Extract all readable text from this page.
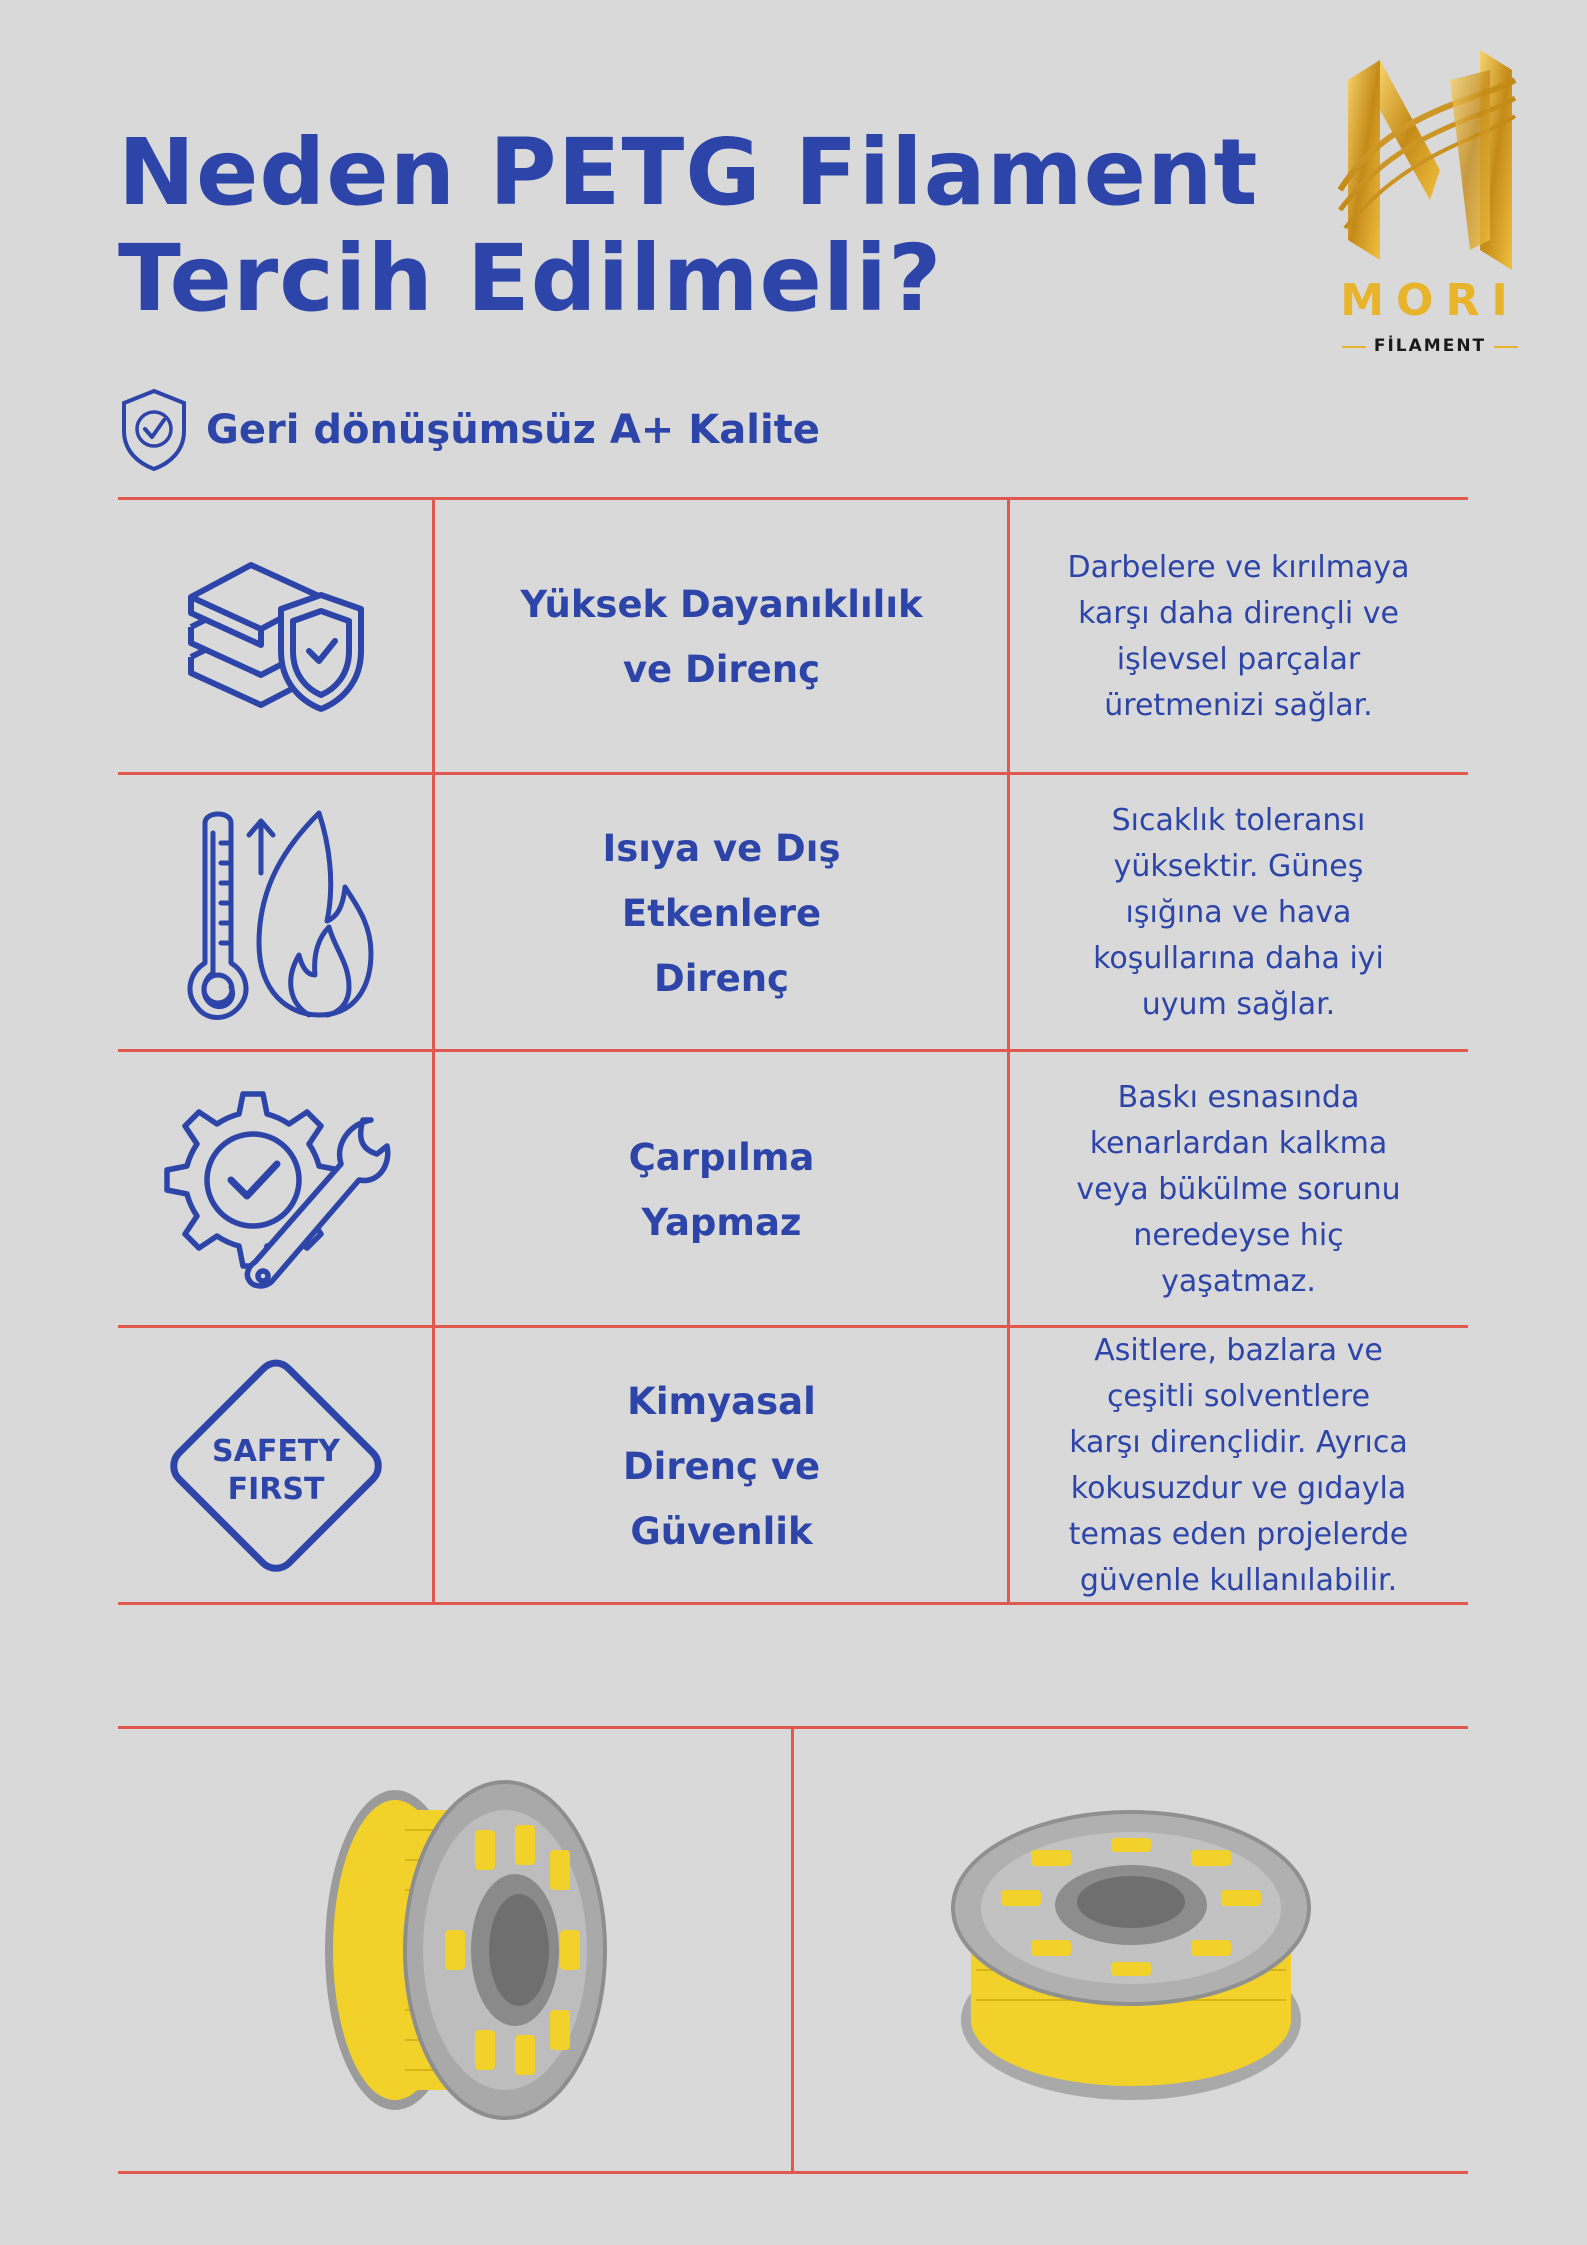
Neden PETG Filament
Tercih Edilmeli?	MORI
FİLAMENT
Geri dönüşümsüz A+ Kalite
Yüksek Dayanıklılık
ve Direnç
Darbelere ve kırılmaya
karşı daha dirençli ve
işlevsel parçalar
üretmenizi sağlar.
Isıya ve Dış
Etkenlere
Direnç
Sıcaklık toleransı
yüksektir. Güneş
ışığına ve hava
koşullarına daha iyi
uyum sağlar.
Çarpılma
Yapmaz
Baskı esnasında
kenarlardan kalkma
veya bükülme sorunu
neredeyse hiç
yaşatmaz.
SAFETY
FIRST
Kimyasal
Direnç ve
Güvenlik
Asitlere, bazlara ve
çeşitli solventlere
karşı dirençlidir. Ayrıca
kokusuzdur ve gıdayla
temas eden projelerde
güvenle kullanılabilir.
